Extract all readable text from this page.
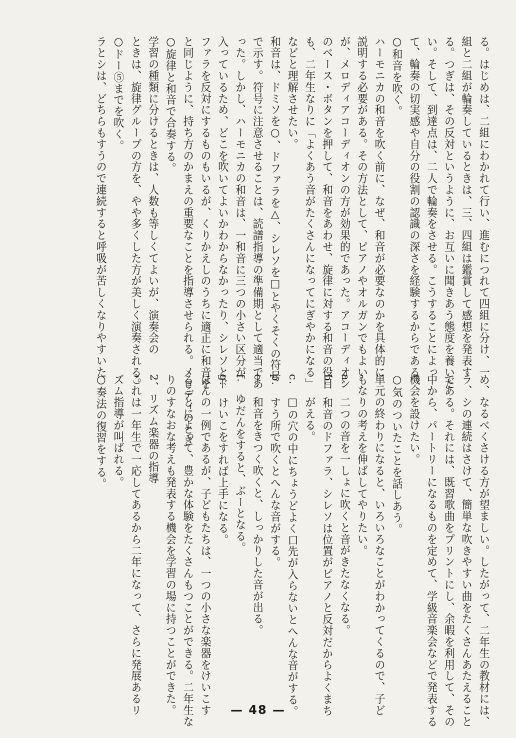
る。はじめは、二組にわかれて行い、進むにつれて四組に分け、一
組と二組が輪奏しているときは、三、四組は鑑賞して感想を発表す
る。つぎは、その反対というように、お互いに聞きあう態度を養いた
い。そして、到達点は、二人で輪奏をさせる。こうすることによっ
て、輪奏の切実感や自分の役割の認識の深さを経験するからである。
○和音を吹く。
ハーモニカの和音を吹く前に、なぜ、和音が必要なのかを具体的に
説明する必要がある。その方法として、ピアノやオルガンでもよい
が、メロディアコーディオンの方が効果的であった。アコーディオン
のベース・ボタンを押して、和音をあわせ、旋律に対する和音の役目
も、二年生なりに「よくあう音がたくさんになってにぎやかになる」
などと理解させたい。
和音は、ドミソを○、ドファラを△、シレソを□とやくそくの符号
で示す。符号に注意させることは、読譜指導の準備期として適当であ
った。しかし、ハーモニカの和音は、一和音に三つの小さい区分が
入っているため、どこを吹いてよいかわからなかったり、シレソとド
ファラを反対にするものもいるが、くりかえしのうちに適正に和音を
と同じように、持ち方のかまえの重要なことを指導させられる。メロディのとき
○旋律と和音で合奏する。
学習の種類に分けるときは、人数も等しくてよいが、演奏会の
ときは、旋律グループの方を、やや多くした方が美しく演奏される。
○ドー⑤までを吹く。
ラとシは、どちらもすうので連続すると呼吸が苦しくなりやすいた
め、なるべくさける方が望ましい。したがって、二年生の教材には、
ラ、シの連続はさけて、簡単な吹きやすい曲をたくさんあたえること
である。それには、既習歌曲をプリントにし、余暇を利用して、その
中から、パートリーになるものを定めて、学級音楽会などで発表する
機会を設けたい。
○気のついたことを話しあう。
単元の終わりになると、いろいろなことがわかってくるので、子ど
もなりの考えを伸ばしてやりたい。
a.　二つの音を一しょに吹くと音がきたなくなる。
b.　和音のドファラ、シレソは位置がピアノと反対だからよくまち
　　がえる。
c.　□の穴の中にちょうどよく口先が入らないとへんな音がする。
p.　すう所で吹くとへんな音がする。
e.　和音をきつく吹くと、しっかりした音が出る。
f.　ゆだんをすると、ぶーとなる。
g.　けいこをすれば上手になる。
ほんの一例であるが、子どもたちは、一つの小さな楽器をけいこす
ることによって、豊かな体験をたくさんもつことができる。二年生な
りのすなおな考えも発表する機会を学習の場に持つことができた。
2、リズム楽器の指導
これは一年生で一応してあるから二年になって、さらに発展あるリ
ズム指導が叫ばれる。
○奏法の復習をする。
— 48 —
